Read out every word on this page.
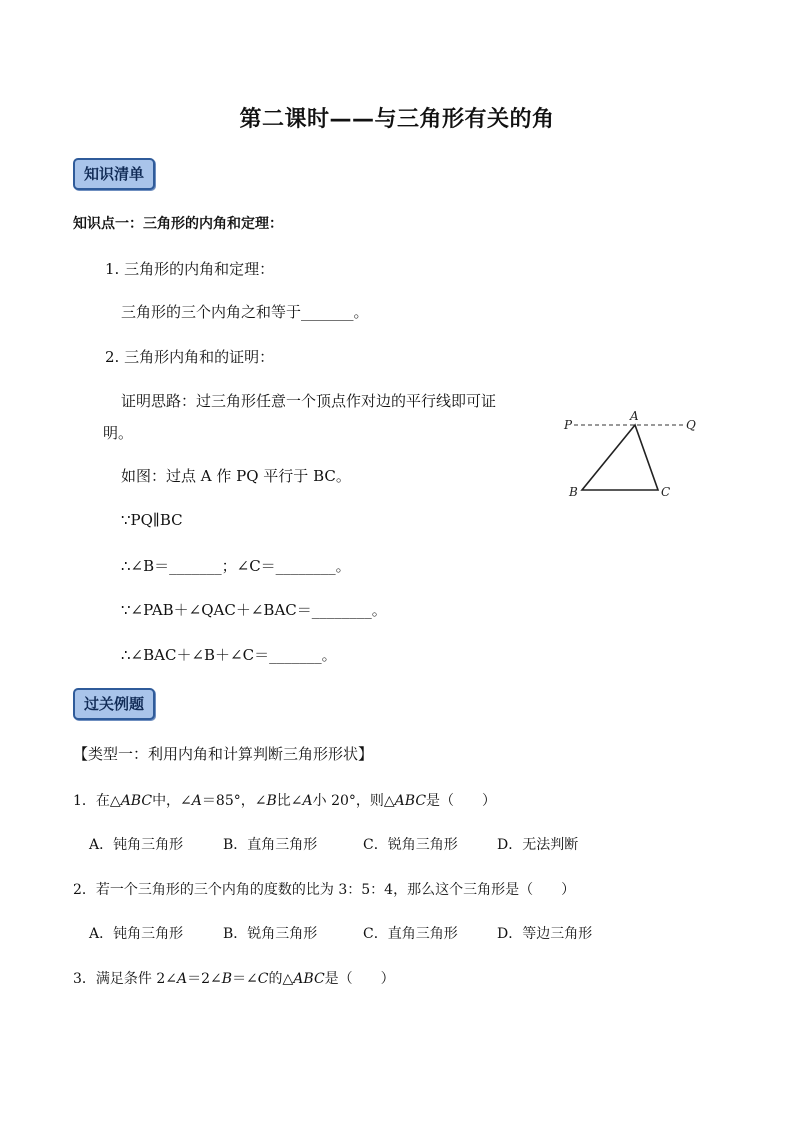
第二课时——与三角形有关的角
知识清单
知识点一：三角形的内角和定理：
1. 三角形的内角和定理：
三角形的三个内角之和等于_______。
2. 三角形内角和的证明：
证明思路：过三角形任意一个顶点作对边的平行线即可证
明。
如图：过点 A 作 PQ 平行于 BC。
∵PQ∥BC
∴∠B＝_______；∠C＝________。
∵∠PAB＋∠QAC＋∠BAC＝________。
∴∠BAC＋∠B＋∠C＝_______。
P
A
Q
B	C
过关例题
【类型一：利用内角和计算判断三角形形状】
1．在△ABC中，∠A＝85°，∠B比∠A小 20°，则△ABC是（　　）
A．钝角三角形	B．直角三角形	C．锐角三角形	D．无法判断
2．若一个三角形的三个内角的度数的比为 3：5：4，那么这个三角形是（　　）
A．钝角三角形	B．锐角三角形	C．直角三角形	D．等边三角形
3．满足条件 2∠A＝2∠B＝∠C的△ABC是（　　）
